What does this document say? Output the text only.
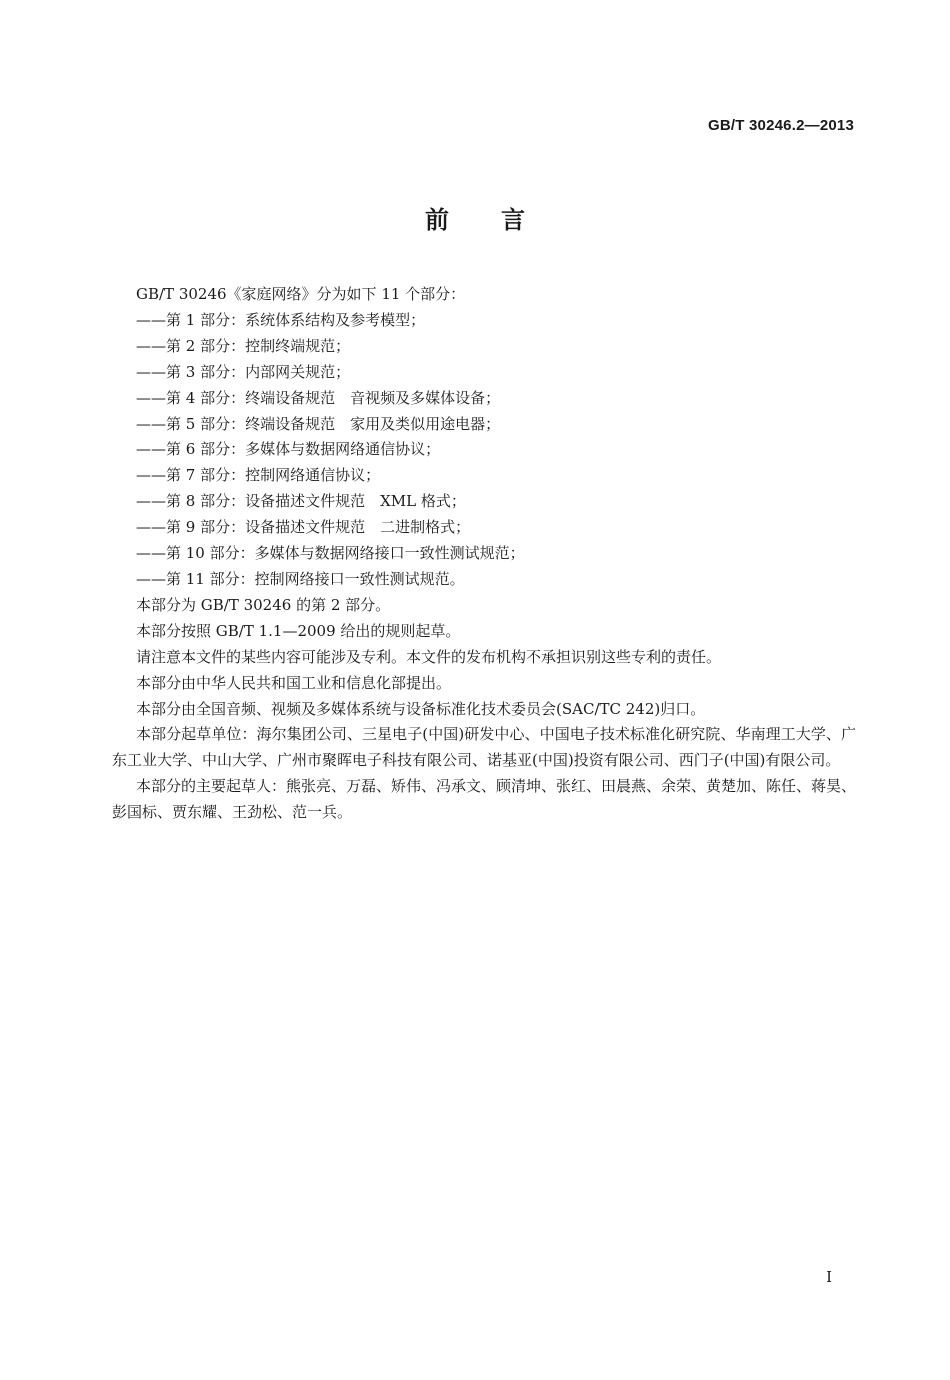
GB/T 30246.2—2013
前言
GB/T 30246《家庭网络》分为如下 11 个部分：
——第 1 部分：系统体系结构及参考模型；
——第 2 部分：控制终端规范；
——第 3 部分：内部网关规范；
——第 4 部分：终端设备规范　音视频及多媒体设备；
——第 5 部分：终端设备规范　家用及类似用途电器；
——第 6 部分：多媒体与数据网络通信协议；
——第 7 部分：控制网络通信协议；
——第 8 部分：设备描述文件规范　XML 格式；
——第 9 部分：设备描述文件规范　二进制格式；
——第 10 部分：多媒体与数据网络接口一致性测试规范；
——第 11 部分：控制网络接口一致性测试规范。
本部分为 GB/T 30246 的第 2 部分。
本部分按照 GB/T 1.1—2009 给出的规则起草。
请注意本文件的某些内容可能涉及专利。本文件的发布机构不承担识别这些专利的责任。
本部分由中华人民共和国工业和信息化部提出。
本部分由全国音频、视频及多媒体系统与设备标准化技术委员会(SAC/TC 242)归口。
本部分起草单位：海尔集团公司、三星电子(中国)研发中心、中国电子技术标准化研究院、华南理工大学、广东工业大学、中山大学、广州市聚晖电子科技有限公司、诺基亚(中国)投资有限公司、西门子(中国)有限公司。
本部分的主要起草人：熊张亮、万磊、矫伟、冯承文、顾清坤、张红、田晨燕、余荣、黄楚加、陈任、蒋昊、彭国标、贾东耀、王劲松、范一兵。
I
